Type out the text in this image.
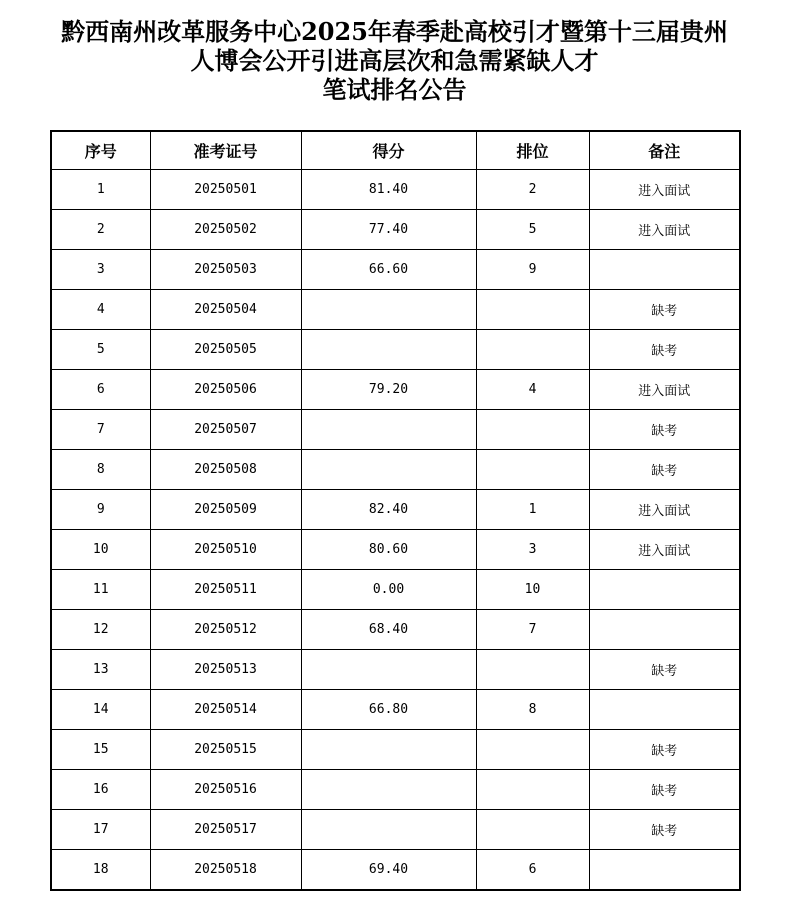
黔西南州改革服务中心2025年春季赴高校引才暨第十三届贵州
人博会公开引进高层次和急需紧缺人才
笔试排名公告
序号	准考证号	得分	排位	备注
1	20250501	81.40	2	进入面试
2	20250502	77.40	5	进入面试
3	20250503	66.60	9	
4	20250504			缺考
5	20250505			缺考
6	20250506	79.20	4	进入面试
7	20250507			缺考
8	20250508			缺考
9	20250509	82.40	1	进入面试
10	20250510	80.60	3	进入面试
11	20250511	0.00	10	
12	20250512	68.40	7	
13	20250513			缺考
14	20250514	66.80	8	
15	20250515			缺考
16	20250516			缺考
17	20250517			缺考
18	20250518	69.40	6	
